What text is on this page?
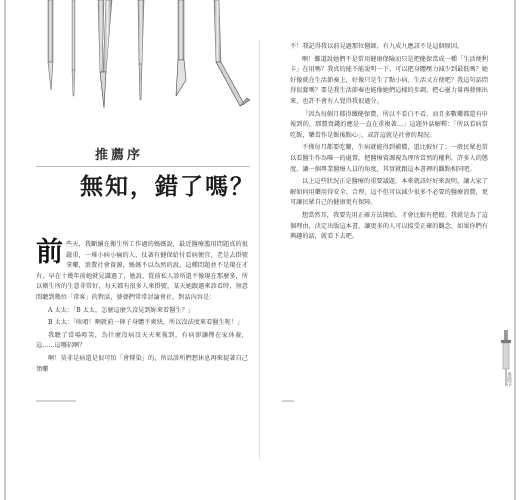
推薦序
無知，錯了嗎？

前些天，我斷續在衛生所工作過的媽媽說，最近醫療濫用問題真的很嚴重，一堆小病小痛的人，仗著有健保給付看病便宜，老是去掛號拿藥，浪費社會資源，媽媽不以為然的說，這種問題並不是現在才有，早在十幾年前她就見識過了，她說，從前私人診所還不像現在那麼多，所以衛生所的生意非常好，每天都有很多人來掛號，某天她跟過來診看時，無意間聽到幾位「常客」的對話，婆婆們常常討論會社，對話內容是：

A 太太：「B 太太，怎麼這麼久沒見到妳來看醫生？」

B 太太：「唉唷！啊就前一陣子身體不爽快，所以沒法度來看醫生呢！」

我聽了當場啞笑，為什麼沒病沒天天來報到，有病卻讓擇在家休養，這……這哪招啊？

啊！莫非是病還是很可怕「會傳染」的，所以診所們想休息再來提著自己領藥

不！我記得我以前見過那位醫師，有九成九應該不是這個原因。

啊！難道說她們不是常用健康保險而只是把健保當成一種「生活便利卡」在用嗎？我真的能不能說明一下，可以把身體壓力減少到最低嗎？她好像就在生活節奏上，好像只是生了點小病、生活又方便吧？我這句話問得很蠢嗎？要是我生活節奏也能像她們這樣的步調，把心靈力量再發揮出來，也許不會有人覺得我很過分。

「因為每個月都得繳健保費，所以不看白不看，而且多數藥都還有申報到的，那費賣錢的應是一直在重複著…」這題外話解釋：「所以看病當吃飯，藥當作是飯後點心」，或許這就是社會的現況。

不僅每月都要吃藥，生病就能得到補償，還比較好了；一般民眾也常以看醫生作為唯一的處置，把醫療資源視為理所當然的權利，許多人的態度，讓一個專業醫療人員的角度，其實就跟這本書裡的觀點相同吧。

以上這些狀況正是醫療的重要議題，本來就該好好來說明，讓大家了解如何用藥用得安全、合理，這不但可以減少很多不必要的醫療浪費，更可讓民眾自己的健康更有保障。

想當然耳，我要先用正確方法開始，才會比較有把握。我就是為了這個理由，決定出版這本書，讓更多的人可以接受正確的觀念，如果你們有興趣的話，就看下去吧。

推薦序
